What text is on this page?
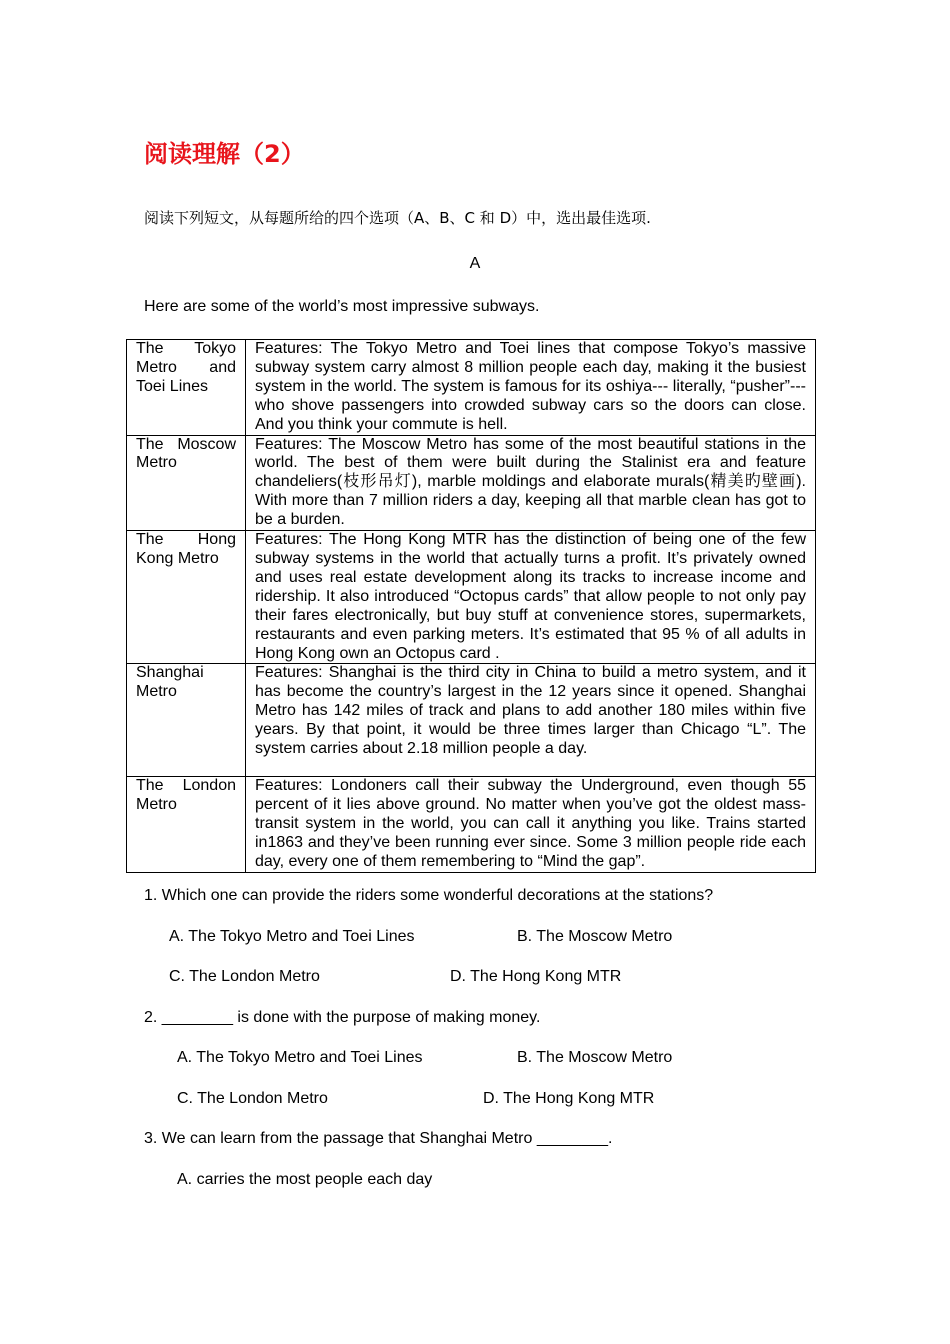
阅读理解（2）
阅读下列短文，从每题所给的四个选项（A、B、C 和 D）中，选出最佳选项.
A
Here are some of the world’s most impressive subways.
The Tokyo Metro and Toei Lines	Features: The Tokyo Metro and Toei lines that compose Tokyo’s massive subway system carry almost 8 million people each day, making it the busiest system in the world. The system is famous for its oshiya--- literally, “pusher”--- who shove passengers into crowded subway cars so the doors can close. And you think your commute is hell.
The Moscow Metro	Features: The Moscow Metro has some of the most beautiful stations in the world. The best of them were built during the Stalinist era and feature chandeliers(枝形吊灯), marble moldings and elaborate murals(精美旳壁画). With more than 7 million riders a day, keeping all that marble clean has got to be a burden.
The Hong Kong Metro	Features: The Hong Kong MTR has the distinction of being one of the few subway systems in the world that actually turns a profit. It’s privately owned and uses real estate development along its tracks to increase income and ridership. It also introduced “Octopus cards” that allow people to not only pay their fares electronically, but buy stuff at convenience stores, supermarkets, restaurants and even parking meters. It’s estimated that 95 % of all adults in Hong Kong own an Octopus card .
Shanghai Metro	Features: Shanghai is the third city in China to build a metro system, and it has become the country’s largest in the 12 years since it opened. Shanghai Metro has 142 miles of track and plans to add another 180 miles within five years. By that point, it would be three times larger than Chicago “L”. The system carries about 2.18 million people a day.
The London Metro	Features: Londoners call their subway the Underground, even though 55 percent of it lies above ground. No matter when you’ve got the oldest mass-transit system in the world, you can call it anything you like. Trains started in1863 and they’ve been running ever since. Some 3 million people ride each day, every one of them remembering to “Mind the gap”.
1. Which one can provide the riders some wonderful decorations at the stations?
A. The Tokyo Metro and Toei Lines	B. The Moscow Metro
C. The London Metro	D. The Hong Kong MTR
2. ________ is done with the purpose of making money.
A. The Tokyo Metro and Toei Lines	B. The Moscow Metro
C. The London Metro	D. The Hong Kong MTR
3. We can learn from the passage that Shanghai Metro ________.
A. carries the most people each day
